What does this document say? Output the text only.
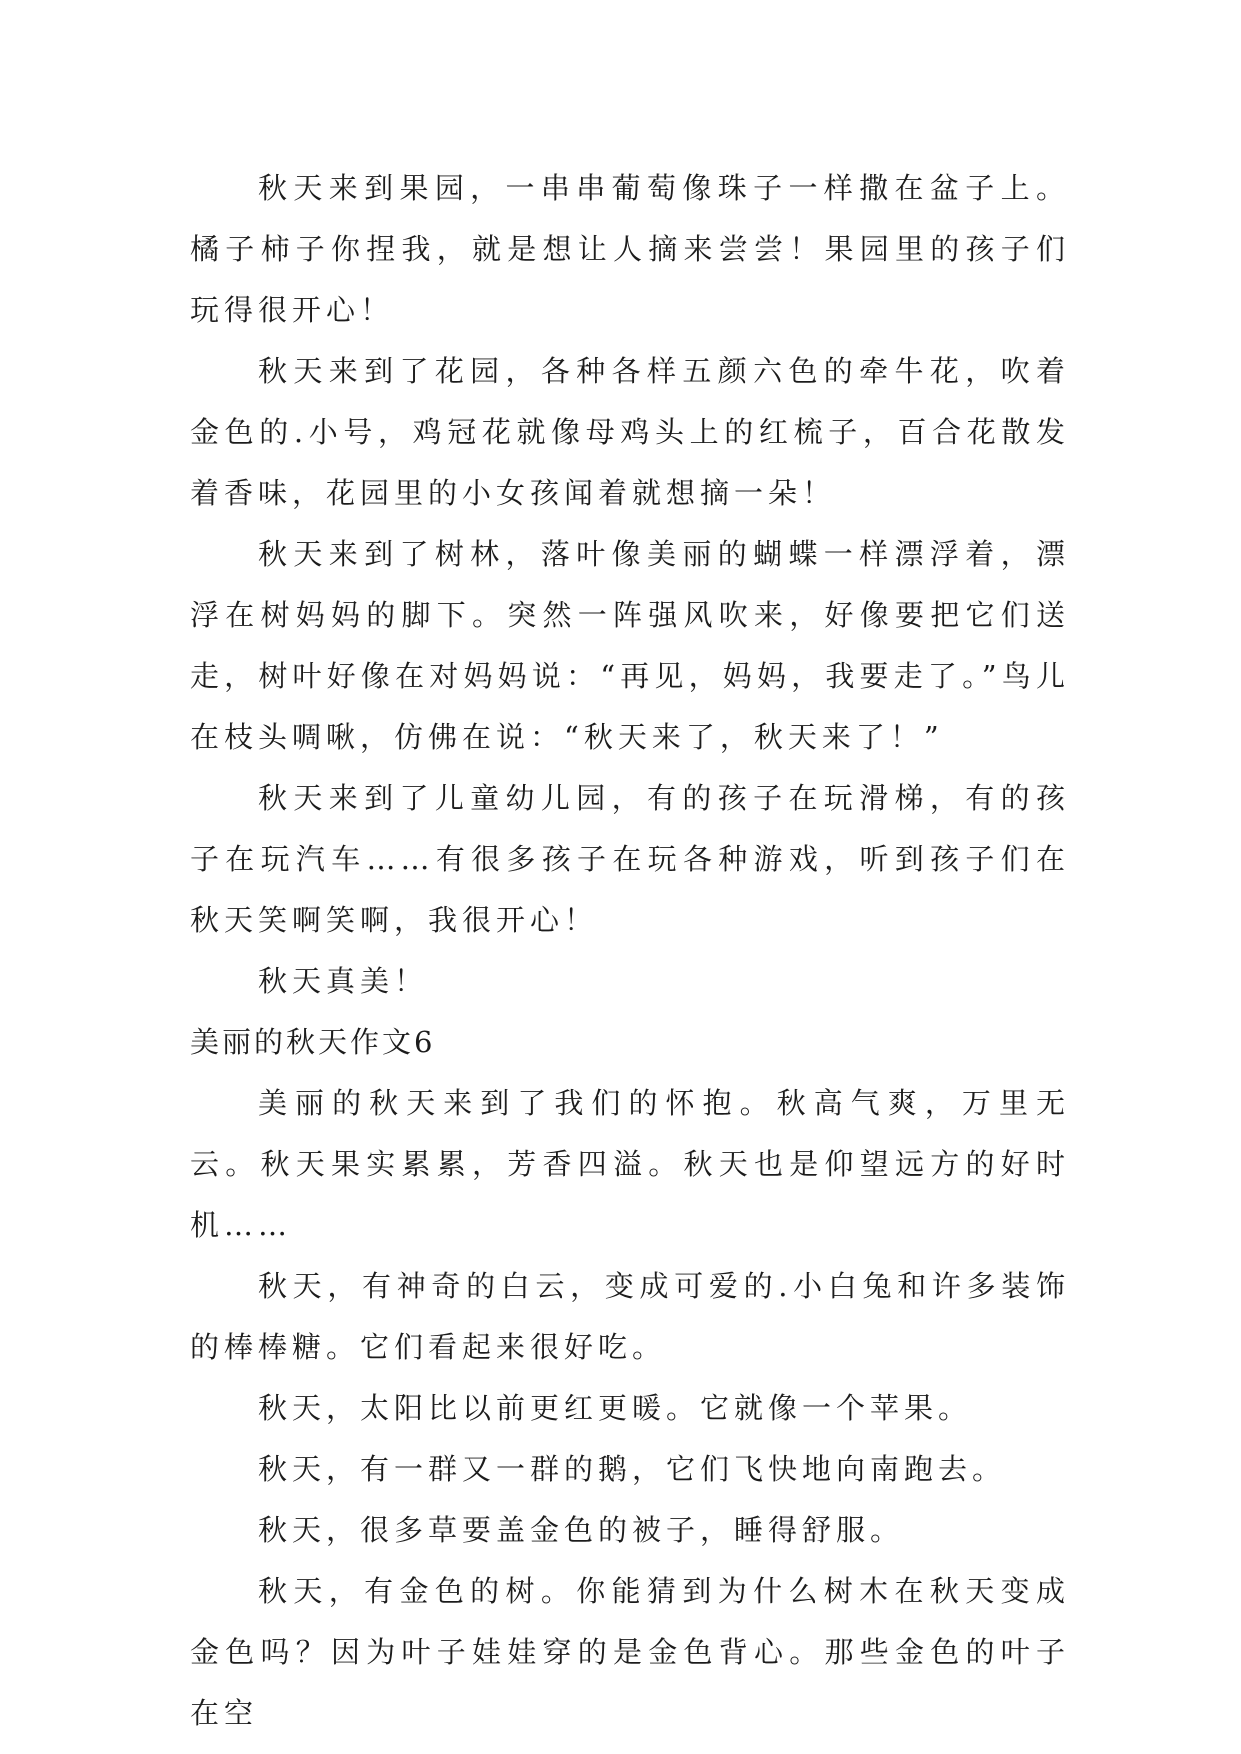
秋天来到果园，一串串葡萄像珠子一样撒在盆子上。橘子柿子你捏我，就是想让人摘来尝尝！果园里的孩子们玩得很开心！

秋天来到了花园，各种各样五颜六色的牵牛花，吹着金色的.小号，鸡冠花就像母鸡头上的红梳子，百合花散发着香味，花园里的小女孩闻着就想摘一朵！

秋天来到了树林，落叶像美丽的蝴蝶一样漂浮着，漂浮在树妈妈的脚下。突然一阵强风吹来，好像要把它们送走，树叶好像在对妈妈说：“再见，妈妈，我要走了。”鸟儿在枝头啁啾，仿佛在说：“秋天来了，秋天来了！”

秋天来到了儿童幼儿园，有的孩子在玩滑梯，有的孩子在玩汽车……有很多孩子在玩各种游戏，听到孩子们在秋天笑啊笑啊，我很开心！

秋天真美！

美丽的秋天作文6

美丽的秋天来到了我们的怀抱。秋高气爽，万里无云。秋天果实累累，芳香四溢。秋天也是仰望远方的好时机……

秋天，有神奇的白云，变成可爱的.小白兔和许多装饰的棒棒糖。它们看起来很好吃。

秋天，太阳比以前更红更暖。它就像一个苹果。

秋天，有一群又一群的鹅，它们飞快地向南跑去。

秋天，很多草要盖金色的被子，睡得舒服。

秋天，有金色的树。你能猜到为什么树木在秋天变成金色吗？因为叶子娃娃穿的是金色背心。那些金色的叶子在空
